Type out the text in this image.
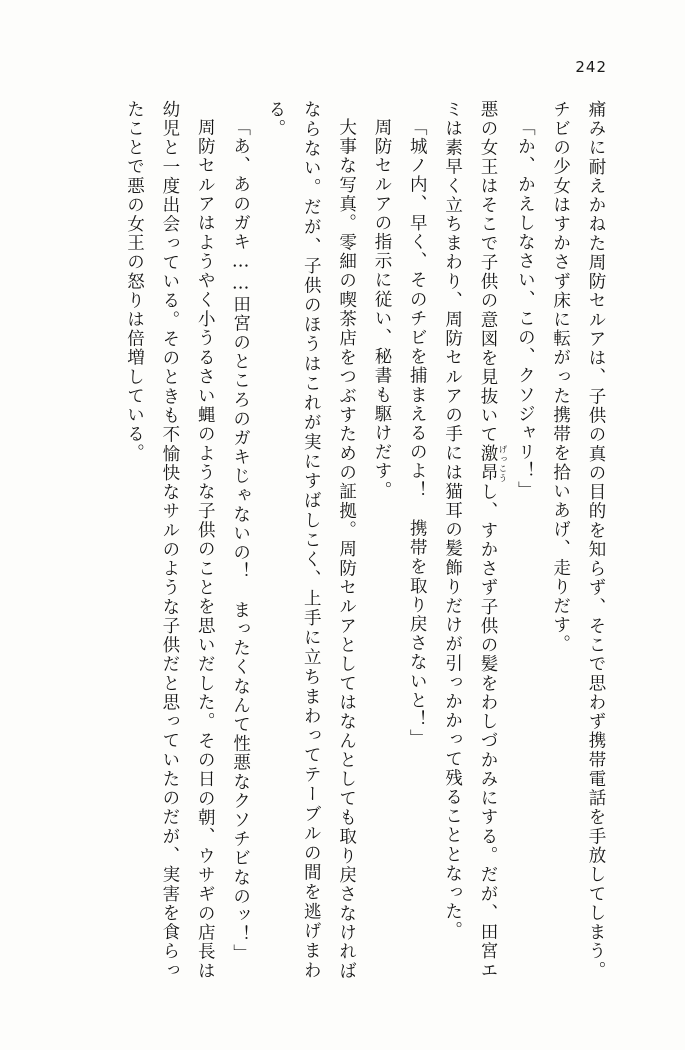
242

痛みに耐えかねた周防セルアは、子供の真の目的を知らず、そこで思わず携帯電話を手放してしまう。チビの少女はすかさず床に転がった携帯を拾いあげ、走りだす。

「か、かえしなさい、この、クソジャリ！」

悪の女王はそこで子供の意図を見抜いて激昂 げっこうし、すかさず子供の髪をわしづかみにする。だが、田宮エミは素早く立ちまわり、周防セルアの手には猫耳の髪飾りだけが引っかかって残ることとなった。

「城ノ内、早く、そのチビを捕まえるのよ！　携帯を取り戻さないと！」

周防セルアの指示に従い、秘書も駆けだす。

大事な写真。零細の喫茶店をつぶすための証拠。周防セルアとしてはなんとしても取り戻さなければならない。だが、子供のほうはこれが実にすばしこく、上手に立ちまわってテーブルの間を逃げまわる。

「あ、あのガキ……田宮のところのガキじゃないの！　まったくなんて性悪なクソチビなのッ！」

周防セルアはようやく小うるさい蝿のような子供のことを思いだした。その日の朝、ウサギの店長は幼児と一度出会っている。そのときも不愉快なサルのような子供だと思っていたのだが、実害を食らったことで悪の女王の怒りは倍増している。
